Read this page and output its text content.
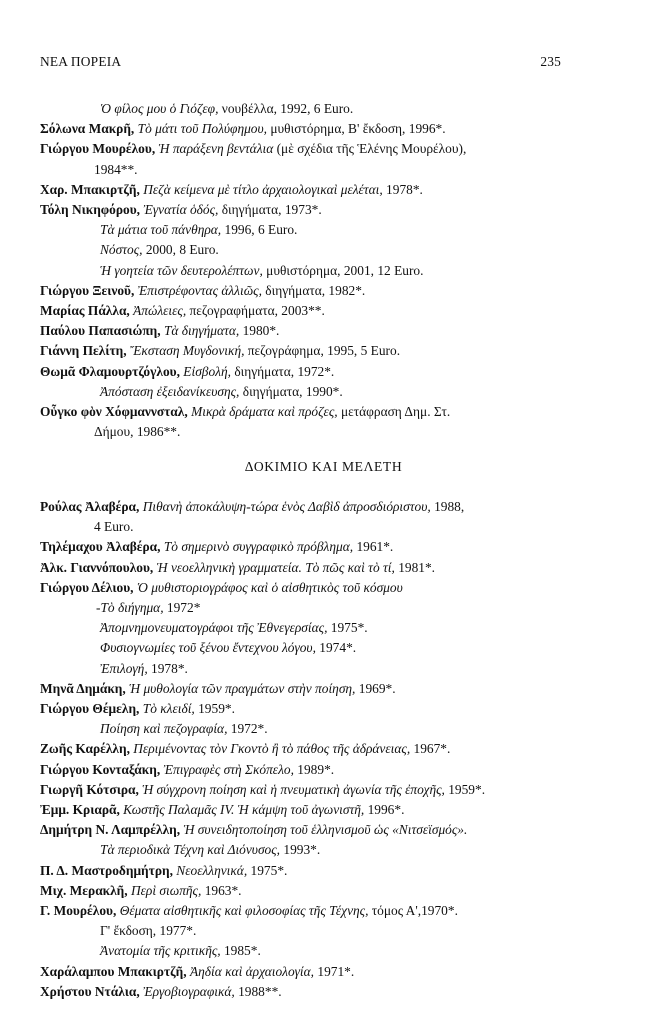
ΝΕΑ ΠΟΡΕΙΑ	235

Ὁ φίλος μου ὁ Γιόζεφ, νουβέλλα, 1992, 6 Euro.

Σόλωνα Μακρῆ, Τὸ μάτι τοῦ Πολύφημου, μυθιστόρημα, Β' ἔκδοση, 1996*.

Γιώργου Μουρέλου, Ἡ παράξενη βεντάλια (μὲ σχέδια τῆς Ἑλένης Μουρέλου),

1984**.

Χαρ. Μπακιρτζῆ, Πεζὰ κείμενα μὲ τίτλο ἀρχαιολογικαὶ μελέται, 1978*.

Τόλη Νικηφόρου, Ἐγνατία ὁδός, διηγήματα, 1973*.

Τὰ μάτια τοῦ πάνθηρα, 1996, 6 Euro.

Νόστος, 2000, 8 Euro.

Ἡ γοητεία τῶν δευτερολέπτων, μυθιστόρημα, 2001, 12 Euro.

Γιώργου Ξεινοῦ, Ἐπιστρέφοντας ἀλλιῶς, διηγήματα, 1982*.

Μαρίας Πάλλα, Ἀπώλειες, πεζογραφήματα, 2003**.

Παύλου Παπασιώπη, Τὰ διηγήματα, 1980*.

Γιάννη Πελίτη, Ἔκσταση Μυγδονική, πεζογράφημα, 1995, 5 Euro.

Θωμᾶ Φλαμουρτζόγλου, Εἰσβολή, διηγήματα, 1972*.

Ἀπόσταση ἐξειδανίκευσης, διηγήματα, 1990*.

Οὖγκο φὸν Χόφμαννσταλ, Μικρὰ δράματα καὶ πρόζες, μετάφραση Δημ. Στ.

Δήμου, 1986**.

ΔΟΚΙΜΙΟ ΚΑΙ ΜΕΛΕΤΗ

Ρούλας Ἀλαβέρα, Πιθανὴ ἀποκάλυψη-τώρα ἑνὸς Δαβὶδ ἀπροσδιόριστου, 1988,

4 Euro.

Τηλέμαχου Ἀλαβέρα, Τὸ σημερινὸ συγγραφικὸ πρόβλημα, 1961*.

Ἀλκ. Γιαννόπουλου, Ἡ νεοελληνικὴ γραμματεία. Τὸ πῶς καὶ τὸ τί, 1981*.

Γιώργου Δέλιου, Ὁ μυθιστοριογράφος καὶ ὁ αἰσθητικὸς τοῦ κόσμου

-Τὸ διήγημα, 1972*

Ἀπομνημονευματογράφοι τῆς Ἐθνεγερσίας, 1975*.

Φυσιογνωμίες τοῦ ξένου ἔντεχνου λόγου, 1974*.

Ἐπιλογή, 1978*.

Μηνᾶ Δημάκη, Ἡ μυθολογία τῶν πραγμάτων στὴν ποίηση, 1969*.

Γιώργου Θέμελη, Τὸ κλειδί, 1959*.

Ποίηση καὶ πεζογραφία, 1972*.

Ζωῆς Καρέλλη, Περιμένοντας τὸν Γκοντὸ ἢ τὸ πάθος τῆς ἀδράνειας, 1967*.

Γιώργου Κονταξάκη, Ἐπιγραφὲς στὴ Σκόπελο, 1989*.

Γιωργῆ Κότσιρα, Ἡ σύγχρονη ποίηση καὶ ἡ πνευματικὴ ἀγωνία τῆς ἐποχῆς, 1959*.

Ἐμμ. Κριαρᾶ, Κωστῆς Παλαμᾶς IV. Ἡ κάμψη τοῦ ἀγωνιστῆ, 1996*.

Δημήτρη Ν. Λαμπρέλλη, Ἡ συνειδητοποίηση τοῦ ἑλληνισμοῦ ὡς «Νιτσεϊσμός».

Τὰ περιοδικὰ Τέχνη καὶ Διόνυσος, 1993*.

Π. Δ. Μαστροδημήτρη, Νεοελληνικά, 1975*.

Μιχ. Μερακλῆ, Περὶ σιωπῆς, 1963*.

Γ. Μουρέλου, Θέματα αἰσθητικῆς καὶ φιλοσοφίας τῆς Τέχνης, τόμος Α',1970*.

Γ' ἔκδοση, 1977*.

Ἀνατομία τῆς κριτικῆς, 1985*.

Χαράλαμπου Μπακιρτζῆ, Ἀηδία καὶ ἀρχαιολογία, 1971*.

Χρήστου Ντάλια, Ἐργοβιογραφικά, 1988**.
